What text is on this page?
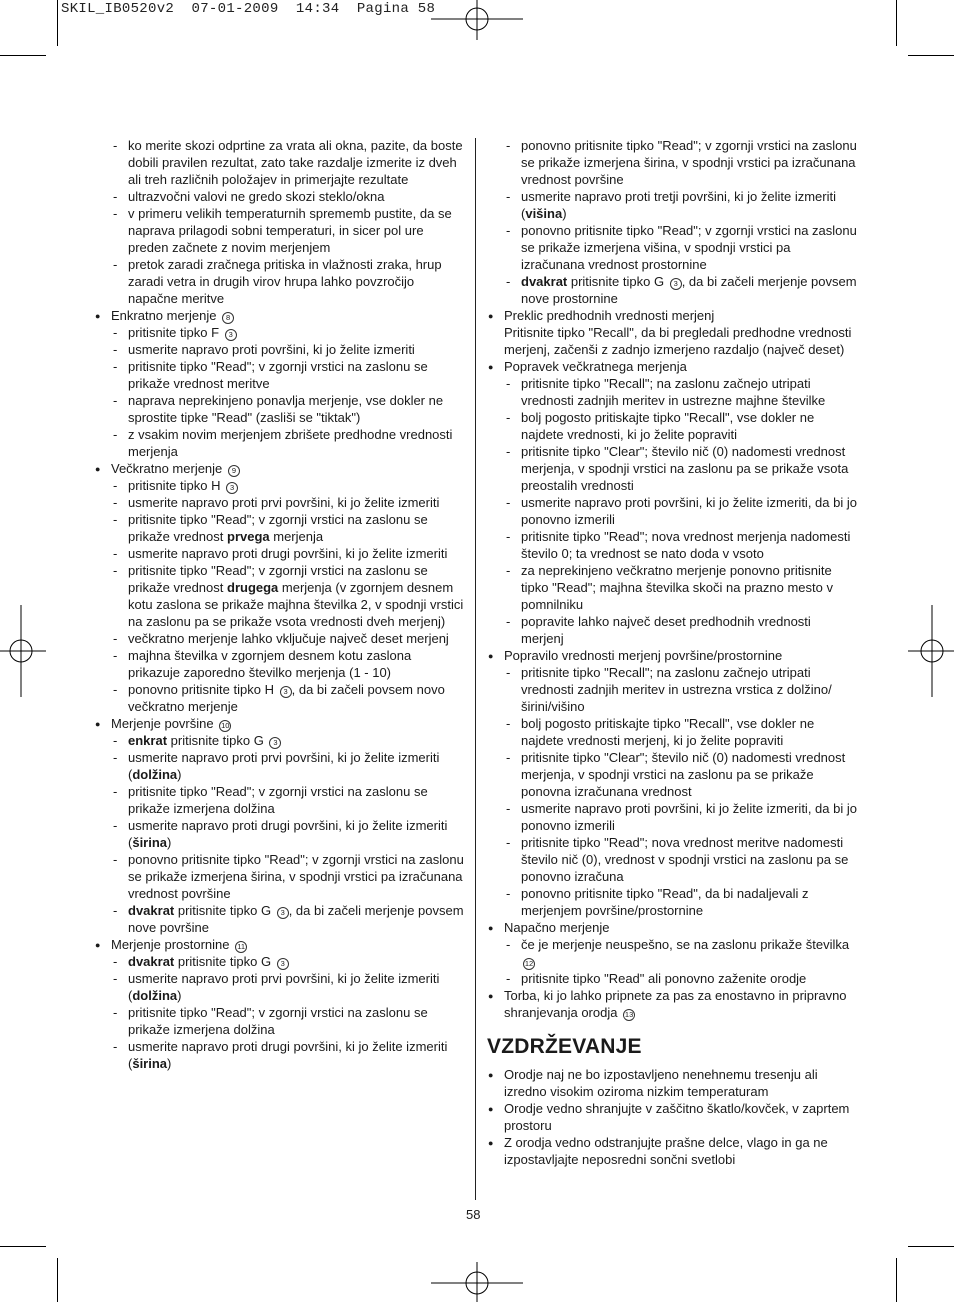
SKIL_IB0520v2  07-01-2009  14:34  Pagina 58
- ko merite skozi odprtine za vrata ali okna, pazite, da boste dobili pravilen rezultat, zato take razdalje izmerite iz dveh ali treh različnih položajev in primerjajte rezultate
- ultrazvočni valovi ne gredo skozi steklo/okna
- v primeru velikih temperaturnih sprememb pustite, da se naprava prilagodi sobni temperaturi, in sicer pol ure preden začnete z novim merjenjem
- pretok zaradi zračnega pritiska in vlažnosti zraka, hrup zaradi vetra in drugih virov hrupa lahko povzročijo napačne meritve
● Enkratno merjenje 8
- pritisnite tipko F 3
- usmerite napravo proti površini, ki jo želite izmeriti
- pritisnite tipko "Read"; v zgornji vrstici na zaslonu se prikaže vrednost meritve
- naprava neprekinjeno ponavlja merjenje, vse dokler ne sprostite tipke "Read" (zasliši se "tiktak")
- z vsakim novim merjenjem zbrišete predhodne vrednosti merjenja
● Večkratno merjenje 9
- pritisnite tipko H 3
- usmerite napravo proti prvi površini, ki jo želite izmeriti
- pritisnite tipko "Read"; v zgornji vrstici na zaslonu se prikaže vrednost prvega merjenja
- usmerite napravo proti drugi površini, ki jo želite izmeriti
- pritisnite tipko "Read"; v zgornji vrstici na zaslonu se prikaže vrednost drugega merjenja (v zgornjem desnem kotu zaslona se prikaže majhna številka 2, v spodnji vrstici na zaslonu pa se prikaže vsota vrednosti dveh merjenj)
- večkratno merjenje lahko vključuje največ deset merjenj
- majhna številka v zgornjem desnem kotu zaslona prikazuje zaporedno številko merjenja (1 - 10)
- ponovno pritisnite tipko H 3 , da bi začeli povsem novo večkratno merjenje
● Merjenje površine 10
- enkrat pritisnite tipko G 3
- usmerite napravo proti prvi površini, ki jo želite izmeriti (dolžina)
- pritisnite tipko "Read"; v zgornji vrstici na zaslonu se prikaže izmerjena dolžina
- usmerite napravo proti drugi površini, ki jo želite izmeriti (širina)
- ponovno pritisnite tipko "Read"; v zgornji vrstici na zaslonu se prikaže izmerjena širina, v spodnji vrstici pa izračunana vrednost površine
- dvakrat pritisnite tipko G 3 , da bi začeli merjenje povsem nove površine
● Merjenje prostornine 11
- dvakrat pritisnite tipko G 3
- usmerite napravo proti prvi površini, ki jo želite izmeriti (dolžina)
- pritisnite tipko "Read"; v zgornji vrstici na zaslonu se prikaže izmerjena dolžina
- usmerite napravo proti drugi površini, ki jo želite izmeriti (širina)
- ponovno pritisnite tipko "Read"; v zgornji vrstici na zaslonu se prikaže izmerjena širina, v spodnji vrstici pa izračunana vrednost površine
- usmerite napravo proti tretji površini, ki jo želite izmeriti (višina)
- ponovno pritisnite tipko "Read"; v zgornji vrstici na zaslonu se prikaže izmerjena višina, v spodnji vrstici pa izračunana vrednost prostornine
- dvakrat pritisnite tipko G 3 , da bi začeli merjenje povsem nove prostornine
● Preklic predhodnih vrednosti merjenj
Pritisnite tipko "Recall", da bi pregledali predhodne vrednosti merjenj, začenši z zadnjo izmerjeno razdaljo (največ deset)
● Popravek večkratnega merjenja
- pritisnite tipko "Recall"; na zaslonu začnejo utripati vrednosti zadnjih meritev in ustrezne majhne številke
- bolj pogosto pritiskajte tipko "Recall", vse dokler ne najdete vrednosti, ki jo želite popraviti
- pritisnite tipko "Clear"; število nič (0) nadomesti vrednost merjenja, v spodnji vrstici na zaslonu pa se prikaže vsota preostalih vrednosti
- usmerite napravo proti površini, ki jo želite izmeriti, da bi jo ponovno izmerili
- pritisnite tipko "Read"; nova vrednost merjenja nadomesti število 0; ta vrednost se nato doda v vsoto
- za neprekinjeno večkratno merjenje ponovno pritisnite tipko "Read"; majhna številka skoči na prazno mesto v pomnilniku
- popravite lahko največ deset predhodnih vrednosti merjenj
● Popravilo vrednosti merjenj površine/prostornine
- pritisnite tipko "Recall"; na zaslonu začnejo utripati vrednosti zadnjih meritev in ustrezna vrstica z dolžino/širini/višino
- bolj pogosto pritiskajte tipko "Recall", vse dokler ne najdete vrednosti merjenj, ki jo želite popraviti
- pritisnite tipko "Clear"; število nič (0) nadomesti vrednost merjenja, v spodnji vrstici na zaslonu pa se prikaže ponovna izračunana vrednost
- usmerite napravo proti površini, ki jo želite izmeriti, da bi jo ponovno izmerili
- pritisnite tipko "Read"; nova vrednost meritve nadomesti število nič (0), vrednost v spodnji vrstici na zaslonu pa se ponovno izračuna
- ponovno pritisnite tipko "Read", da bi nadaljevali z merjenjem površine/prostornine
● Napačno merjenje
- če je merjenje neuspešno, se na zaslonu prikaže številka 12
- pritisnite tipko "Read" ali ponovno zaženite orodje
● Torba, ki jo lahko pripnete za pas za enostavno in pripravno shranjevanja orodja 13
VZDRŽEVANJE
● Orodje naj ne bo izpostavljeno nenehnemu tresenju ali izredno visokim oziroma nizkim temperaturam
● Orodje vedno shranjujte v zaščitno škatlo/kovček, v zaprtem prostoru
● Z orodja vedno odstranjujte prašne delce, vlago in ga ne izpostavljajte neposredni sončni svetlobi
58
